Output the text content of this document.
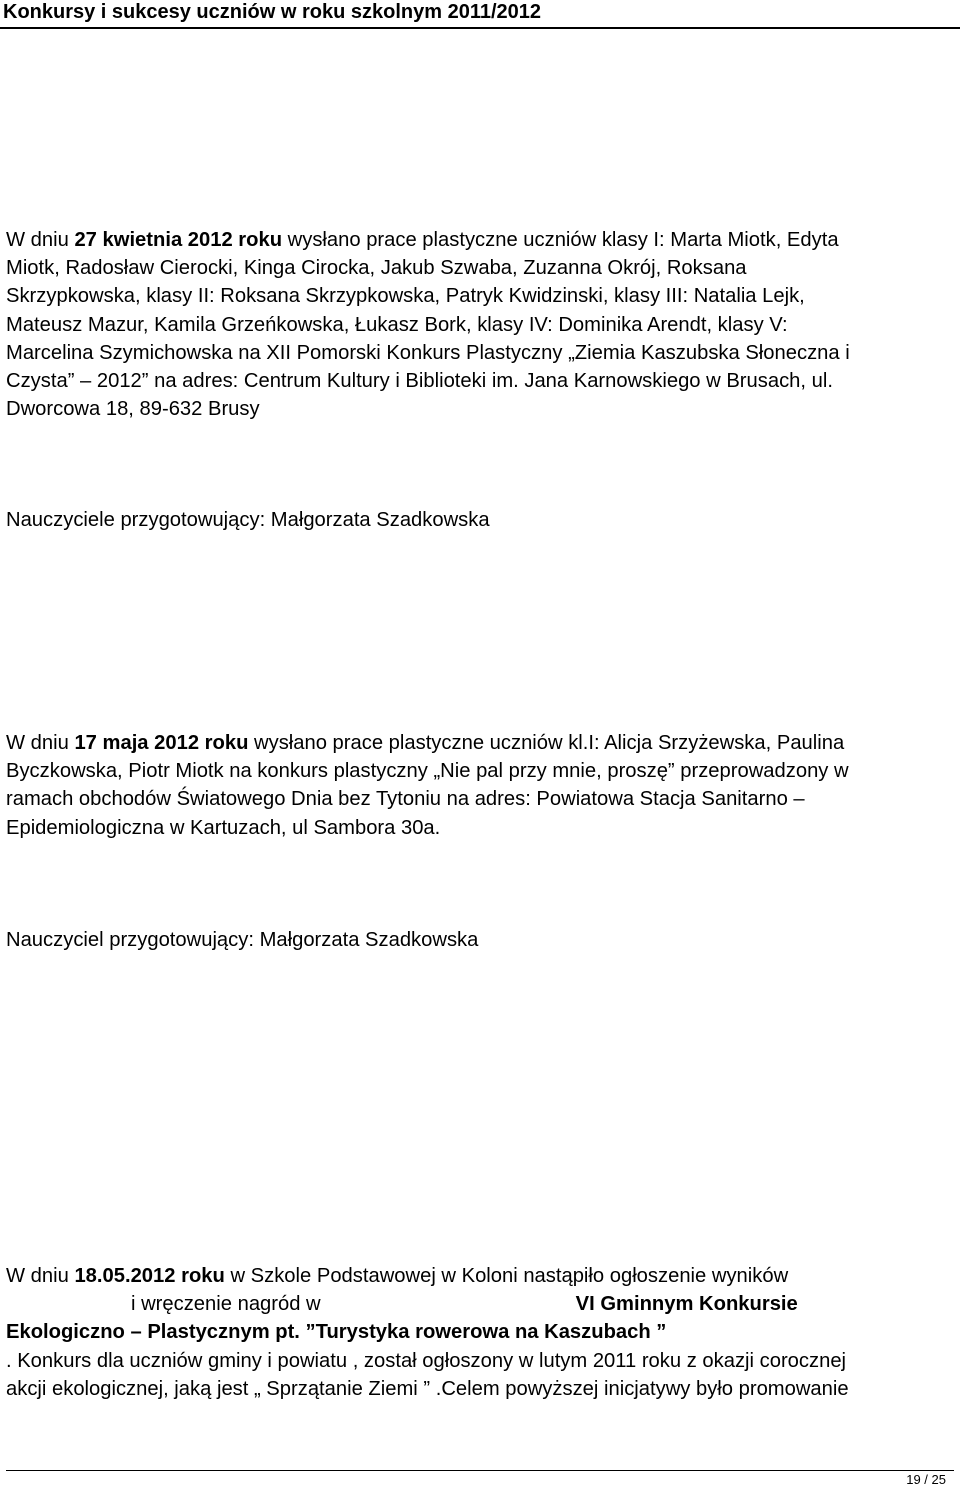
Konkursy i sukcesy uczniów w roku szkolnym 2011/2012
W dniu 27 kwietnia 2012 roku wysłano prace plastyczne uczniów klasy I: Marta Miotk, Edyta
Miotk, Radosław Cierocki, Kinga Cirocka, Jakub Szwaba, Zuzanna Okrój, Roksana
Skrzypkowska, klasy II: Roksana Skrzypkowska, Patryk Kwidzinski, klasy III: Natalia Lejk,
Mateusz Mazur, Kamila Grzeńkowska, Łukasz Bork, klasy IV: Dominika Arendt, klasy V:
Marcelina Szymichowska na XII Pomorski Konkurs Plastyczny „Ziemia Kaszubska Słoneczna i
Czysta” – 2012” na adres: Centrum Kultury i Biblioteki im. Jana Karnowskiego w Brusach, ul.
Dworcowa 18, 89-632 Brusy
Nauczyciele przygotowujący: Małgorzata Szadkowska
W dniu 17 maja 2012 roku wysłano prace plastyczne uczniów kl.I: Alicja Srzyżewska, Paulina
Byczkowska, Piotr Miotk na konkurs plastyczny „Nie pal przy mnie, proszę” przeprowadzony w
ramach obchodów Światowego Dnia bez Tytoniu na adres: Powiatowa Stacja Sanitarno –
Epidemiologiczna w Kartuzach, ul Sambora 30a.
Nauczyciel przygotowujący: Małgorzata Szadkowska
W dniu 18.05.2012 roku w Szkole Podstawowej w Koloni nastąpiło ogłoszenie wyników
i wręczenie nagród w	VI Gminnym Konkursie
Ekologiczno – Plastycznym pt. ”Turystyka rowerowa na Kaszubach ”
. Konkurs dla uczniów gminy i powiatu , został ogłoszony w lutym 2011 roku z okazji corocznej
akcji ekologicznej, jaką jest „ Sprzątanie Ziemi ” .Celem powyższej inicjatywy było promowanie
19 / 25
